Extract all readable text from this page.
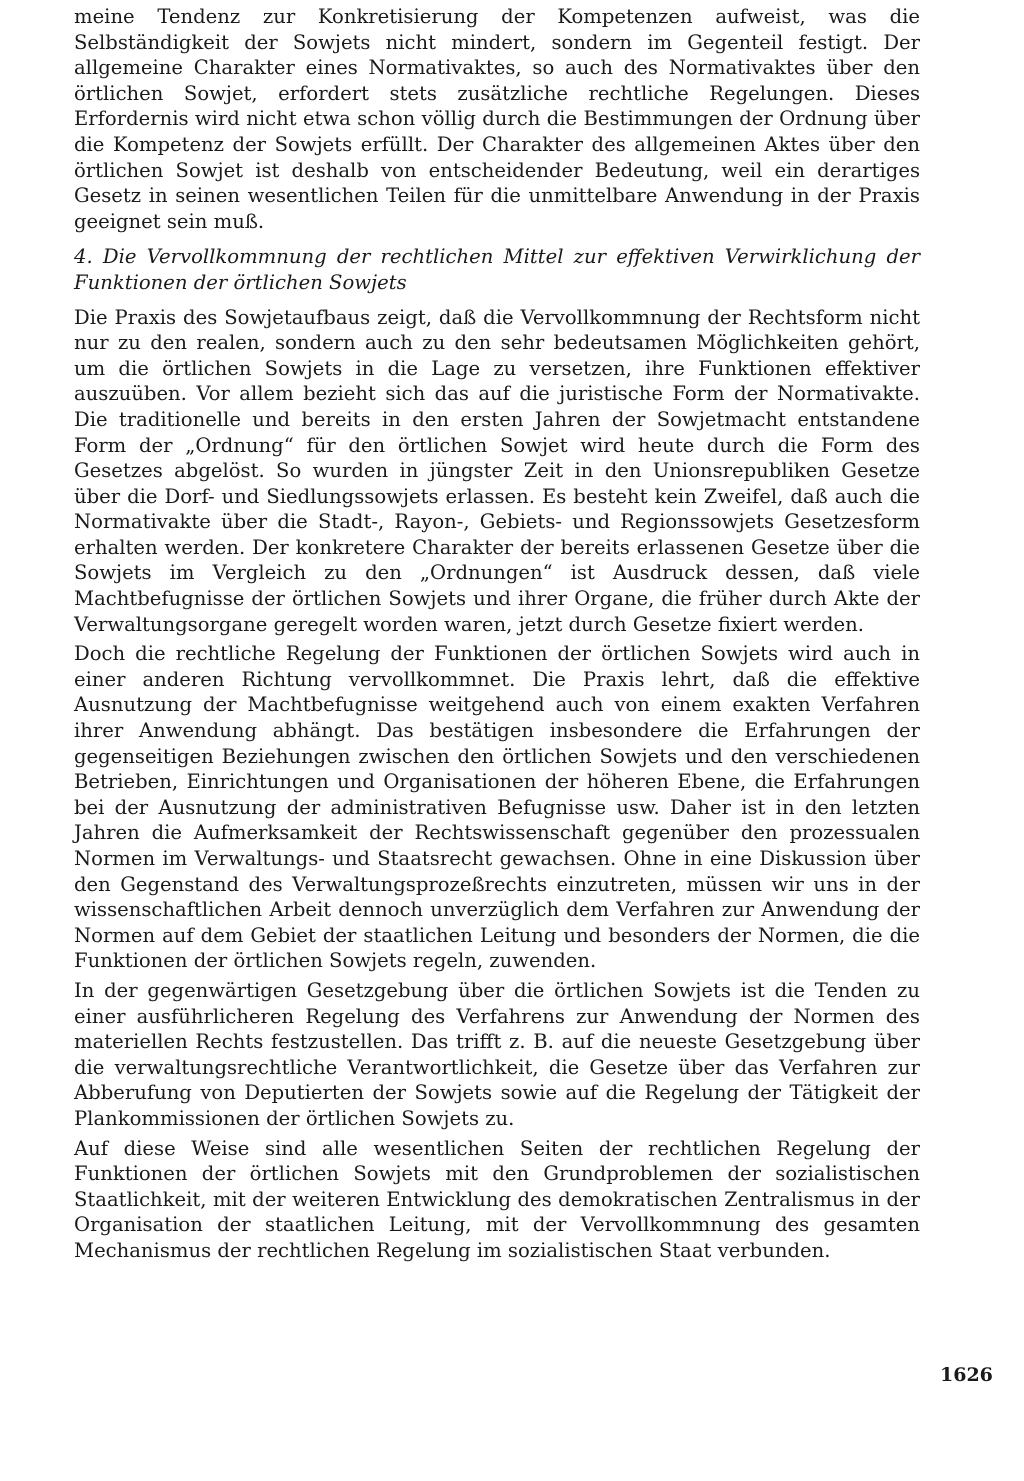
meine Tendenz zur Konkretisierung der Kompetenzen aufweist, was die Selbständigkeit der Sowjets nicht mindert, sondern im Gegenteil festigt. Der allgemeine Charakter eines Normativaktes, so auch des Normativaktes über den örtlichen Sowjet, erfordert stets zusätzliche rechtliche Regelungen. Dieses Erfordernis wird nicht etwa schon völlig durch die Bestimmungen der Ordnung über die Kompetenz der Sowjets erfüllt. Der Charakter des allgemeinen Aktes über den örtlichen Sowjet ist deshalb von entscheidender Bedeutung, weil ein derartiges Gesetz in seinen wesentlichen Teilen für die unmittelbare Anwendung in der Praxis geeignet sein muß.

4. Die Vervollkommnung der rechtlichen Mittel zur effektiven Verwirklichung der Funktionen der örtlichen Sowjets

Die Praxis des Sowjetaufbaus zeigt, daß die Vervollkommnung der Rechtsform nicht nur zu den realen, sondern auch zu den sehr bedeutsamen Möglichkeiten gehört, um die örtlichen Sowjets in die Lage zu versetzen, ihre Funktionen effektiver auszuüben. Vor allem bezieht sich das auf die juristische Form der Normativakte. Die traditionelle und bereits in den ersten Jahren der Sowjetmacht entstandene Form der „Ordnung“ für den örtlichen Sowjet wird heute durch die Form des Gesetzes abgelöst. So wurden in jüngster Zeit in den Unionsrepubliken Gesetze über die Dorf- und Siedlungssowjets erlassen. Es besteht kein Zweifel, daß auch die Normativakte über die Stadt-, Rayon-, Gebiets- und Regionssowjets Gesetzesform erhalten werden. Der konkretere Charakter der bereits erlassenen Gesetze über die Sowjets im Vergleich zu den „Ordnungen“ ist Ausdruck dessen, daß viele Machtbefugnisse der örtlichen Sowjets und ihrer Organe, die früher durch Akte der Verwaltungsorgane geregelt worden waren, jetzt durch Gesetze fixiert werden.

Doch die rechtliche Regelung der Funktionen der örtlichen Sowjets wird auch in einer anderen Richtung vervollkommnet. Die Praxis lehrt, daß die effektive Ausnutzung der Machtbefugnisse weitgehend auch von einem exakten Verfahren ihrer Anwendung abhängt. Das bestätigen insbesondere die Erfahrungen der gegenseitigen Beziehungen zwischen den örtlichen Sowjets und den verschiedenen Betrieben, Einrichtungen und Organisationen der höheren Ebene, die Erfahrungen bei der Ausnutzung der administrativen Befugnisse usw. Daher ist in den letzten Jahren die Aufmerksamkeit der Rechtswissenschaft gegenüber den prozessualen Normen im Verwaltungs- und Staatsrecht gewachsen. Ohne in eine Diskussion über den Gegenstand des Verwaltungsprozeßrechts einzutreten, müssen wir uns in der wissenschaftlichen Arbeit dennoch unverzüglich dem Verfahren zur Anwendung der Normen auf dem Gebiet der staatlichen Leitung und besonders der Normen, die die Funktionen der örtlichen Sowjets regeln, zuwenden.

In der gegenwärtigen Gesetzgebung über die örtlichen Sowjets ist die Tenden zu einer ausführlicheren Regelung des Verfahrens zur Anwendung der Normen des materiellen Rechts festzustellen. Das trifft z. B. auf die neueste Gesetzgebung über die verwaltungsrechtliche Verantwortlichkeit, die Gesetze über das Verfahren zur Abberufung von Deputierten der Sowjets sowie auf die Regelung der Tätigkeit der Plankommissionen der örtlichen Sowjets zu.

Auf diese Weise sind alle wesentlichen Seiten der rechtlichen Regelung der Funktionen der örtlichen Sowjets mit den Grundproblemen der sozialistischen Staatlichkeit, mit der weiteren Entwicklung des demokratischen Zentralismus in der Organisation der staatlichen Leitung, mit der Vervollkommnung des gesamten Mechanismus der rechtlichen Regelung im sozialistischen Staat verbunden.

1626
